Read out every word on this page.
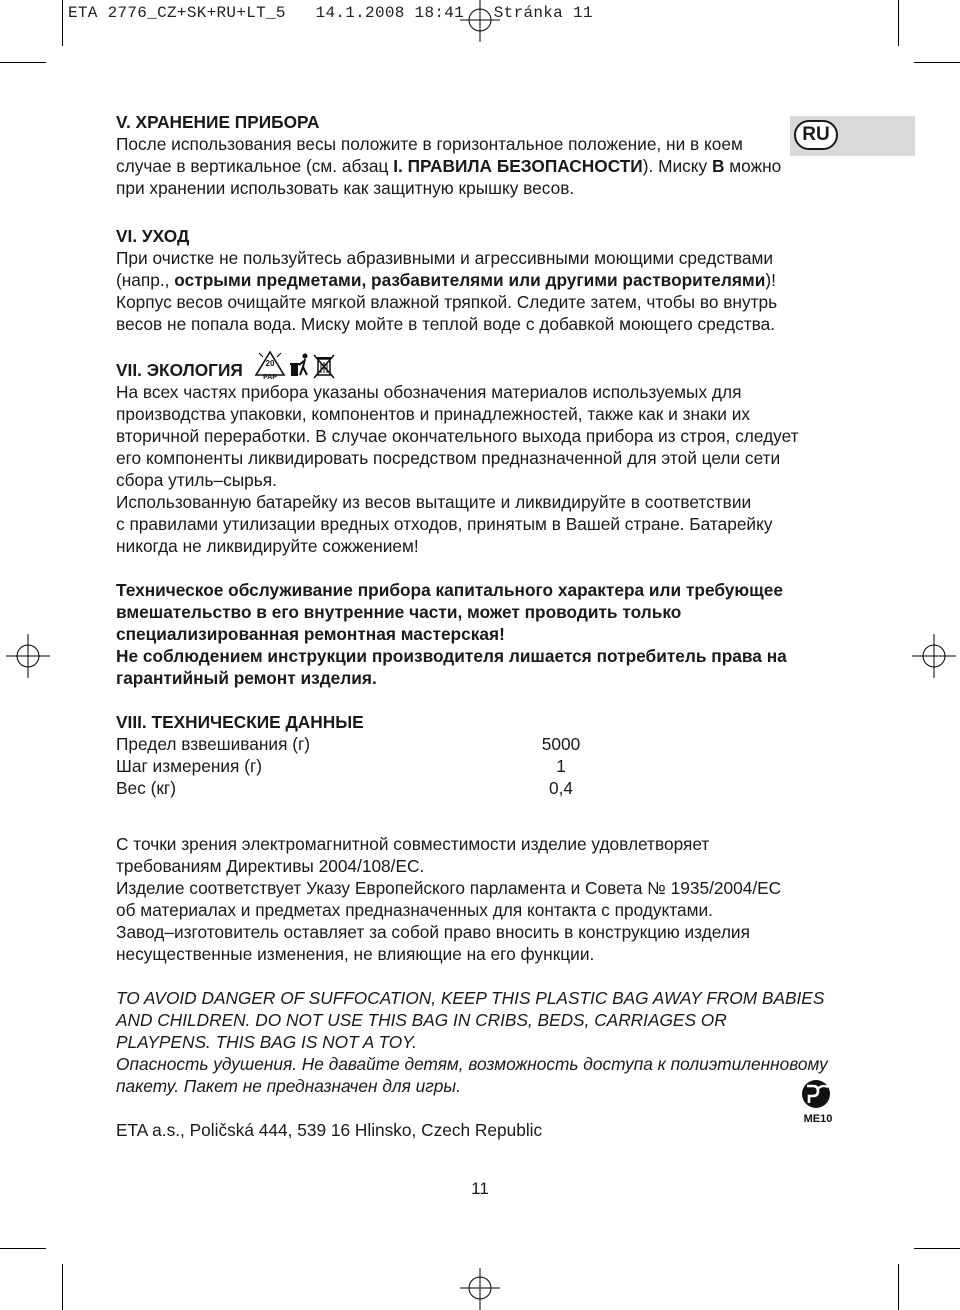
ETA 2776_CZ+SK+RU+LT_5   14.1.2008 18:41   Stránka 11
RU

V. ХРАНЕНИЕ ПРИБОРА

После использования весы положите в горизонтальное положение, ни в коем

случае в вертикальное (см. абзац I. ПРАВИЛА БЕЗОПАСНОСТИ). Миску В можно

при хранении использовать как защитную крышку весов.

VI. УХОД

При очистке не пользуйтесь абразивными и агрессивными моющими средствами

(напр., острыми предметами, разбавителями или другими растворителями)!

Корпус весов очищайте мягкой влажной тряпкой. Следите затем, чтобы во внутрь

весов не попала вода. Миску мойте в теплой воде с добавкой моющего средства.

VII. ЭКОЛОГИЯ	20
PAP

На всех частях прибора указаны обозначения материалов используемых для

производства упаковки, компонентов и принадлежностей, также как и знаки их

вторичной переработки. В случае окончательного выхода прибора из строя, следует

его компоненты ликвидировать посредством предназначенной для этой цели сети

сбора утиль–сырья.

Использованную батарейку из весов вытащите и ликвидируйте в соответствии

с правилами утилизации вредных отходов, принятым в Вашей стране. Батарейку

никогда не ликвидируйте сожжением!

Техническое обслуживание прибора капитального характера или требующее

вмешательство в его внутренние части, может проводить только

специализированная ремонтная мастерская!

Не соблюдением инструкции производителя лишается потребитель права на

гарантийный ремонт изделия.

VIII. ТЕХНИЧЕСКИЕ ДАННЫЕ

Предел взвешивания (г)	5000
Шаг измерения (г)	1
Вес (кг)	0,4

С точки зрения электромагнитной совместимости изделие удовлетворяет

требованиям Директивы 2004/108/ЕС.

Изделие соответствует Указу Европейского парламента и Совета № 1935/2004/ЕС

об материалах и предметах предназначенных для контакта с продуктами.

Завод–изготовитель оставляет за собой право вносить в конструкцию изделия

несущественные изменения, не влияющие на его функции.

TO AVOID DANGER OF SUFFOCATION, KEEP THIS PLASTIC BAG AWAY FROM BABIES

AND CHILDREN. DO NOT USE THIS BAG IN CRIBS, BEDS, CARRIAGES OR

PLAYPENS. THIS BAG IS NOT A TOY.

Опасность удушения. Не давайте детям, возможность доступа к полиэтиленновому

пакету. Пакет не предназначен для игры.

ETA a.s., Poličská 444, 539 16 Hlinsko, Czech Republic

ME10
11
